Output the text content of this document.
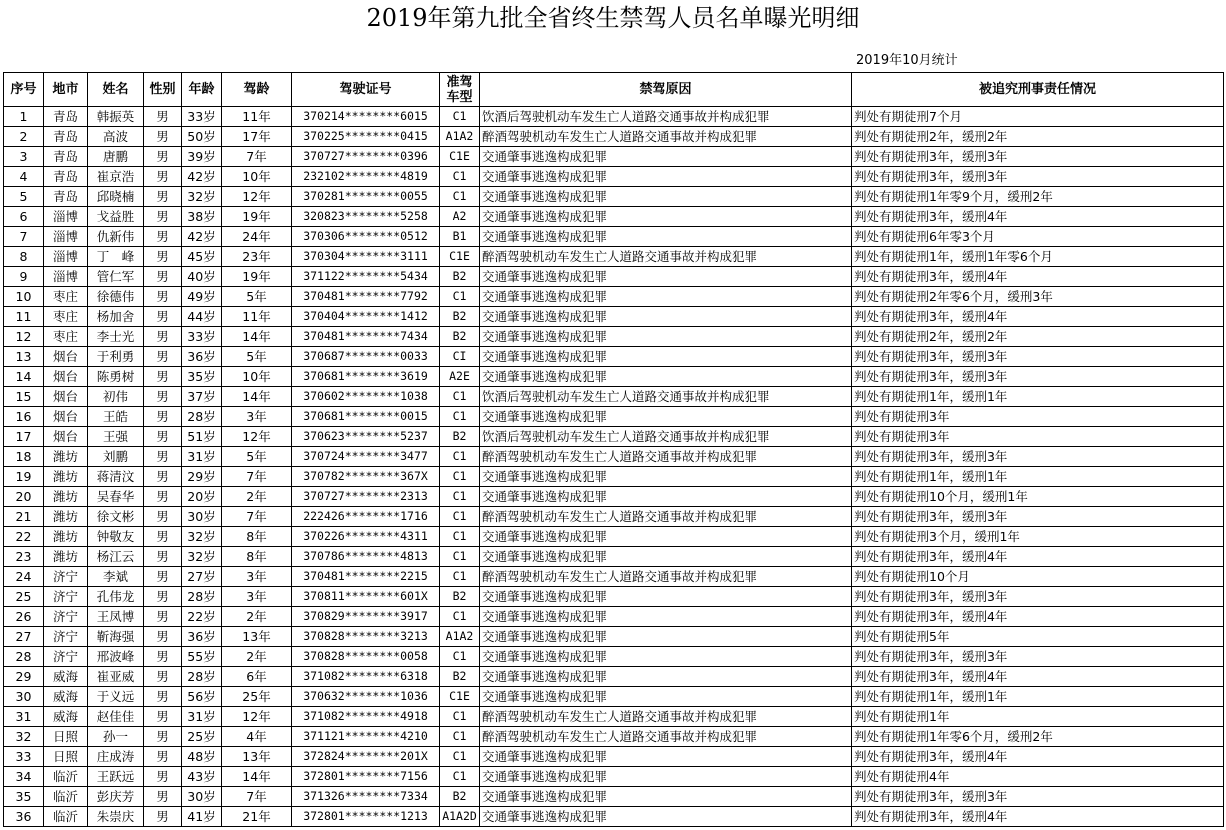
2019年第九批全省终生禁驾人员名单曝光明细
2019年10月统计
序号	地市	姓名	性别	年龄	驾龄	驾驶证号	准驾车型	禁驾原因	被追究刑事责任情况
1	青岛	韩振英	男	33岁	11年	370214********6015	C1	饮酒后驾驶机动车发生亡人道路交通事故并构成犯罪	判处有期徒刑7个月
2	青岛	高波	男	50岁	17年	370225********0415	A1A2	醉酒驾驶机动车发生亡人道路交通事故并构成犯罪	判处有期徒刑2年，缓刑2年
3	青岛	唐鹏	男	39岁	7年	370727********0396	C1E	交通肇事逃逸构成犯罪	判处有期徒刑3年，缓刑3年
4	青岛	崔京浩	男	42岁	10年	232102********4819	C1	交通肇事逃逸构成犯罪	判处有期徒刑3年，缓刑3年
5	青岛	邱晓楠	男	32岁	12年	370281********0055	C1	交通肇事逃逸构成犯罪	判处有期徒刑1年零9个月，缓刑2年
6	淄博	戈益胜	男	38岁	19年	320823********5258	A2	交通肇事逃逸构成犯罪	判处有期徒刑3年，缓刑4年
7	淄博	仇新伟	男	42岁	24年	370306********0512	B1	交通肇事逃逸构成犯罪	判处有期徒刑6年零3个月
8	淄博	丁　峰	男	45岁	23年	370304********3111	C1E	醉酒驾驶机动车发生亡人道路交通事故并构成犯罪	判处有期徒刑1年，缓刑1年零6个月
9	淄博	管仁军	男	40岁	19年	371122********5434	B2	交通肇事逃逸构成犯罪	判处有期徒刑3年，缓刑4年
10	枣庄	徐德伟	男	49岁	5年	370481********7792	C1	交通肇事逃逸构成犯罪	判处有期徒刑2年零6个月，缓刑3年
11	枣庄	杨加舍	男	44岁	11年	370404********1412	B2	交通肇事逃逸构成犯罪	判处有期徒刑3年，缓刑4年
12	枣庄	李士光	男	33岁	14年	370481********7434	B2	交通肇事逃逸构成犯罪	判处有期徒刑2年，缓刑2年
13	烟台	于利勇	男	36岁	5年	370687********0033	CI	交通肇事逃逸构成犯罪	判处有期徒刑3年，缓刑3年
14	烟台	陈勇树	男	35岁	10年	370681********3619	A2E	交通肇事逃逸构成犯罪	判处有期徒刑3年，缓刑3年
15	烟台	初伟	男	37岁	14年	370602********1038	C1	饮酒后驾驶机动车发生亡人道路交通事故并构成犯罪	判处有期徒刑1年，缓刑1年
16	烟台	王皓	男	28岁	3年	370681********0015	C1	交通肇事逃逸构成犯罪	判处有期徒刑3年
17	烟台	王强	男	51岁	12年	370623********5237	B2	饮酒后驾驶机动车发生亡人道路交通事故并构成犯罪	判处有期徒刑3年
18	潍坊	刘鹏	男	31岁	5年	370724********3477	C1	醉酒驾驶机动车发生亡人道路交通事故并构成犯罪	判处有期徒刑3年，缓刑3年
19	潍坊	蒋清汶	男	29岁	7年	370782********367X	C1	交通肇事逃逸构成犯罪	判处有期徒刑1年，缓刑1年
20	潍坊	吴春华	男	20岁	2年	370727********2313	C1	交通肇事逃逸构成犯罪	判处有期徒刑10个月，缓刑1年
21	潍坊	徐文彬	男	30岁	7年	222426********1716	C1	醉酒驾驶机动车发生亡人道路交通事故并构成犯罪	判处有期徒刑3年，缓刑3年
22	潍坊	钟敬友	男	32岁	8年	370226********4311	C1	交通肇事逃逸构成犯罪	判处有期徒刑3个月，缓刑1年
23	潍坊	杨江云	男	32岁	8年	370786********4813	C1	交通肇事逃逸构成犯罪	判处有期徒刑3年，缓刑4年
24	济宁	李斌	男	27岁	3年	370481********2215	C1	醉酒驾驶机动车发生亡人道路交通事故并构成犯罪	判处有期徒刑10个月
25	济宁	孔伟龙	男	28岁	3年	370811********601X	B2	交通肇事逃逸构成犯罪	判处有期徒刑3年，缓刑3年
26	济宁	王凤博	男	22岁	2年	370829********3917	C1	交通肇事逃逸构成犯罪	判处有期徒刑3年，缓刑4年
27	济宁	靳海强	男	36岁	13年	370828********3213	A1A2	交通肇事逃逸构成犯罪	判处有期徒刑5年
28	济宁	邢波峰	男	55岁	2年	370828********0058	C1	交通肇事逃逸构成犯罪	判处有期徒刑3年，缓刑3年
29	威海	崔亚威	男	28岁	6年	371082********6318	B2	交通肇事逃逸构成犯罪	判处有期徒刑3年，缓刑4年
30	威海	于义远	男	56岁	25年	370632********1036	C1E	交通肇事逃逸构成犯罪	判处有期徒刑1年，缓刑1年
31	威海	赵佳佳	男	31岁	12年	371082********4918	C1	醉酒驾驶机动车发生亡人道路交通事故并构成犯罪	判处有期徒刑1年
32	日照	孙一	男	25岁	4年	371121********4210	C1	醉酒驾驶机动车发生亡人道路交通事故并构成犯罪	判处有期徒刑1年零6个月，缓刑2年
33	日照	庄成涛	男	48岁	13年	372824********201X	C1	交通肇事逃逸构成犯罪	判处有期徒刑3年，缓刑4年
34	临沂	王跃远	男	43岁	14年	372801********7156	C1	交通肇事逃逸构成犯罪	判处有期徒刑4年
35	临沂	彭庆芳	男	30岁	7年	371326********7334	B2	交通肇事逃逸构成犯罪	判处有期徒刑3年，缓刑3年
36	临沂	朱崇庆	男	41岁	21年	372801********1213	A1A2D	交通肇事逃逸构成犯罪	判处有期徒刑3年，缓刑4年
